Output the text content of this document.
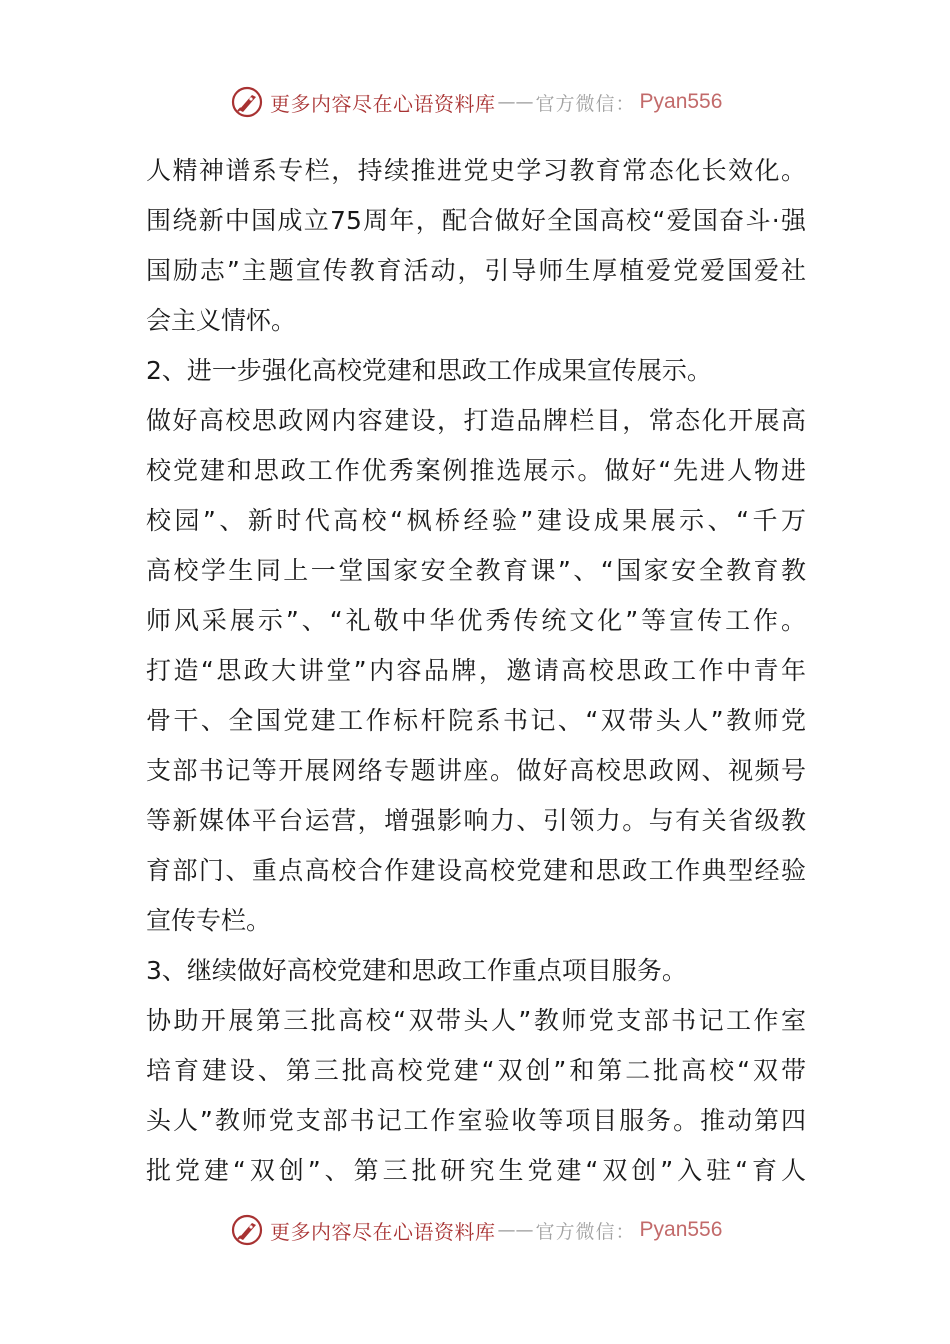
更多内容尽在心语资料库 —— 官方微信： Pyan556
人精神谱系专栏，持续推进党史学习教育常态化长效化。
围绕新中国成立75周年，配合做好全国高校“爱国奋斗·强
国励志”主题宣传教育活动，引导师生厚植爱党爱国爱社
会主义情怀。
2、进一步强化高校党建和思政工作成果宣传展示。
做好高校思政网内容建设，打造品牌栏目，常态化开展高
校党建和思政工作优秀案例推选展示。做好“先进人物进
校园”、新时代高校“枫桥经验”建设成果展示、“千万
高校学生同上一堂国家安全教育课”、“国家安全教育教
师风采展示”、“礼敬中华优秀传统文化”等宣传工作。
打造“思政大讲堂”内容品牌，邀请高校思政工作中青年
骨干、全国党建工作标杆院系书记、“双带头人”教师党
支部书记等开展网络专题讲座。做好高校思政网、视频号
等新媒体平台运营，增强影响力、引领力。与有关省级教
育部门、重点高校合作建设高校党建和思政工作典型经验
宣传专栏。
3、继续做好高校党建和思政工作重点项目服务。
协助开展第三批高校“双带头人”教师党支部书记工作室
培育建设、第三批高校党建“双创”和第二批高校“双带
头人”教师党支部书记工作室验收等项目服务。推动第四
批党建“双创”、第三批研究生党建“双创”入驻“育人
更多内容尽在心语资料库 —— 官方微信： Pyan556
